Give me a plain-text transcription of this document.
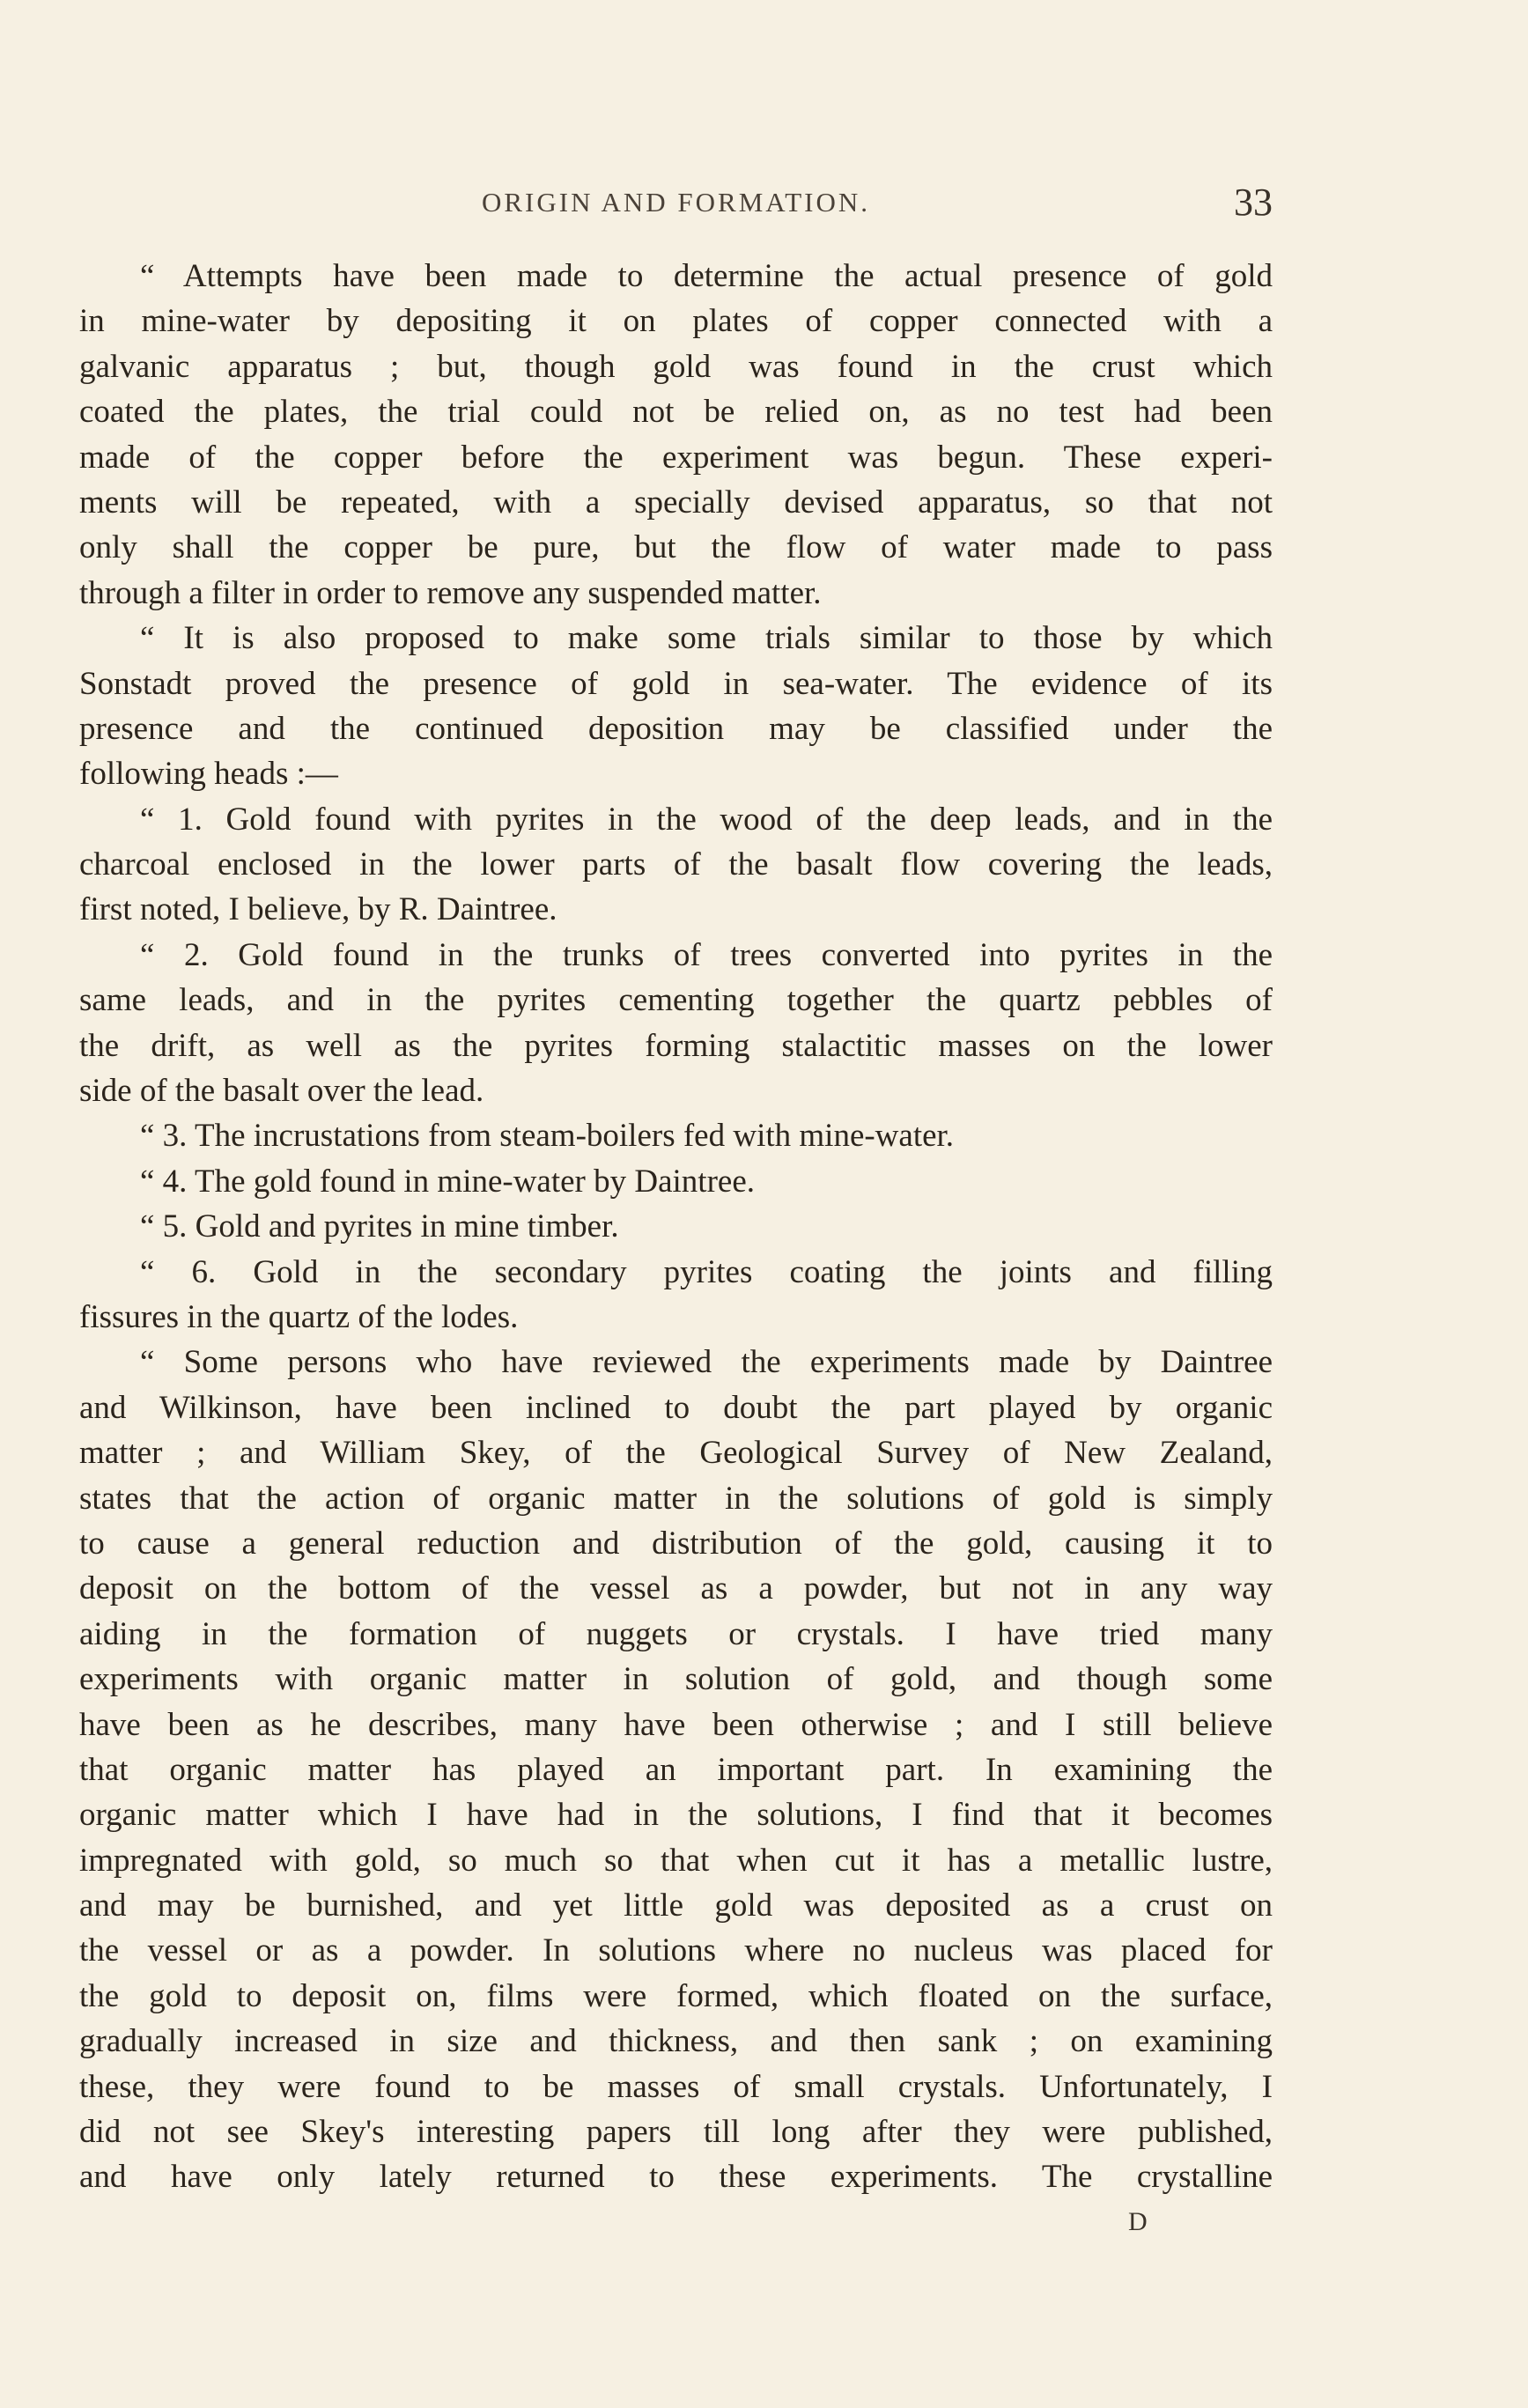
ORIGIN AND FORMATION.	33
“ Attempts have been made to determine the actual presence of gold
in mine-water by depositing it on plates of copper connected with a
galvanic apparatus ; but, though gold was found in the crust which
coated the plates, the trial could not be relied on, as no test had been
made of the copper before the experiment was begun. These experi-
ments will be repeated, with a specially devised apparatus, so that not
only shall the copper be pure, but the flow of water made to pass
through a filter in order to remove any suspended matter.
“ It is also proposed to make some trials similar to those by which
Sonstadt proved the presence of gold in sea-water. The evidence of its
presence and the continued deposition may be classified under the
following heads :—
“ 1. Gold found with pyrites in the wood of the deep leads, and in the
charcoal enclosed in the lower parts of the basalt flow covering the leads,
first noted, I believe, by R. Daintree.
“ 2. Gold found in the trunks of trees converted into pyrites in the
same leads, and in the pyrites cementing together the quartz pebbles of
the drift, as well as the pyrites forming stalactitic masses on the lower
side of the basalt over the lead.
“ 3. The incrustations from steam-boilers fed with mine-water.
“ 4. The gold found in mine-water by Daintree.
“ 5. Gold and pyrites in mine timber.
“ 6. Gold in the secondary pyrites coating the joints and filling
fissures in the quartz of the lodes.
“ Some persons who have reviewed the experiments made by Daintree
and Wilkinson, have been inclined to doubt the part played by organic
matter ; and William Skey, of the Geological Survey of New Zealand,
states that the action of organic matter in the solutions of gold is simply
to cause a general reduction and distribution of the gold, causing it to
deposit on the bottom of the vessel as a powder, but not in any way
aiding in the formation of nuggets or crystals. I have tried many
experiments with organic matter in solution of gold, and though some
have been as he describes, many have been otherwise ; and I still believe
that organic matter has played an important part. In examining the
organic matter which I have had in the solutions, I find that it becomes
impregnated with gold, so much so that when cut it has a metallic lustre,
and may be burnished, and yet little gold was deposited as a crust on
the vessel or as a powder. In solutions where no nucleus was placed for
the gold to deposit on, films were formed, which floated on the surface,
gradually increased in size and thickness, and then sank ; on examining
these, they were found to be masses of small crystals. Unfortunately, I
did not see Skey's interesting papers till long after they were published,
and have only lately returned to these experiments. The crystalline
D
